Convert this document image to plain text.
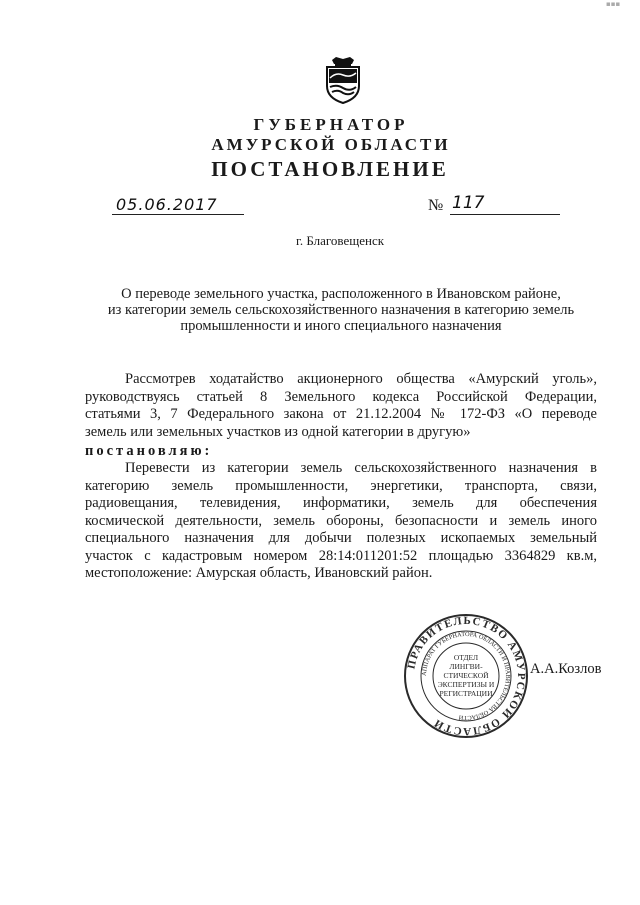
▪▪▪
ГУБЕРНАТОР
АМУРСКОЙ ОБЛАСТИ
ПОСТАНОВЛЕНИЕ
05.06.2017	№ 117
г. Благовещенск
О переводе земельного участка, расположенного в Ивановском районе,
из категории земель сельскохозяйственного назначения в категорию земель
промышленности и иного специального назначения
Рассмотрев ходатайство акционерного общества «Амурский уголь»,
руководствуясь статьей 8 Земельного кодекса Российской Федерации,
статьями 3, 7 Федерального закона от 21.12.2004 № 172-ФЗ «О переводе
земель или земельных участков из одной категории в другую»
постановляю:
Перевести из категории земель сельскохозяйственного назначения в
категорию земель промышленности, энергетики, транспорта, связи,
радиовещания, телевидения, информатики, земель для обеспечения
космической деятельности, земель обороны, безопасности и земель иного
специального назначения для добычи полезных ископаемых земельный
участок с кадастровым номером 28:14:011201:52 площадью 3364829 кв.м,
местоположение: Амурская область, Ивановский район.
ПРАВИТЕЛЬСТВО АМУРСКОЙ ОБЛАСТИ
АППАРАТ ГУБЕРНАТОРА ОБЛАСТИ И ПРАВИТЕЛЬСТВА ОБЛАСТИ
ОТДЕЛ
ЛИНГВИ-
СТИЧЕСКОЙ
ЭКСПЕРТИЗЫ И
РЕГИСТРАЦИИ
А.А.Козлов
